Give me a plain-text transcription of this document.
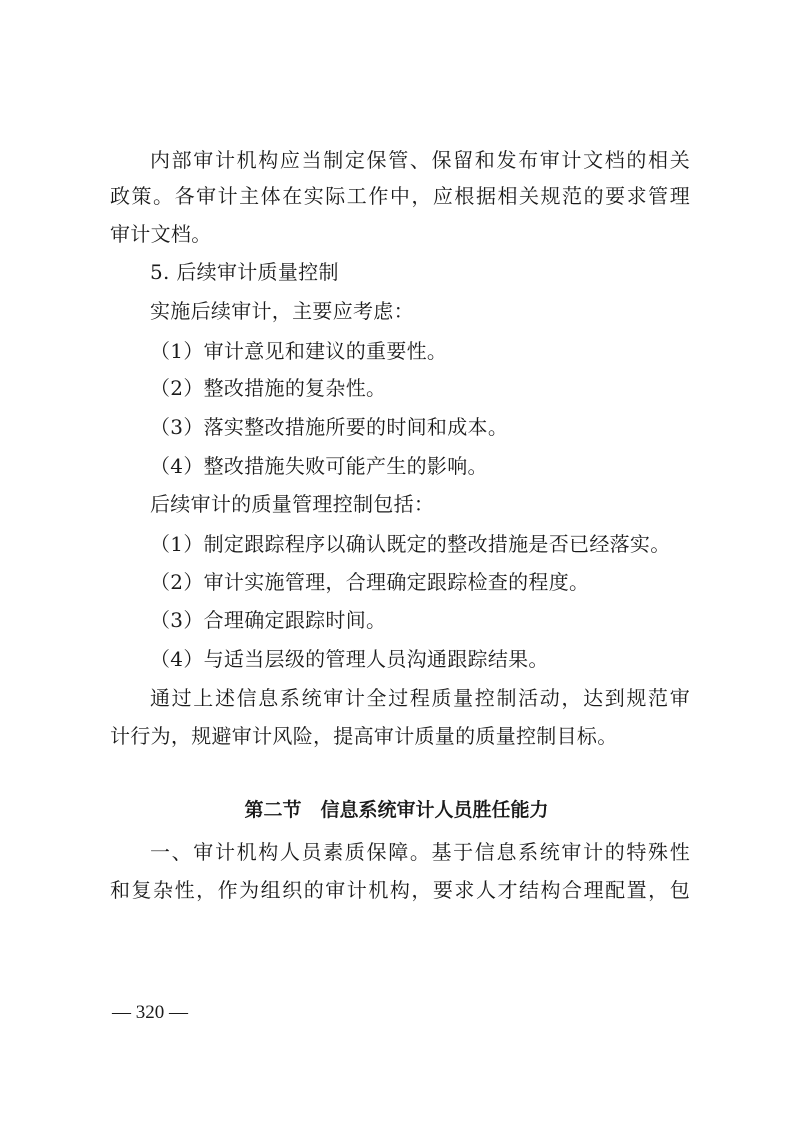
内部审计机构应当制定保管、保留和发布审计文档的相关
政策。各审计主体在实际工作中，应根据相关规范的要求管理
审计文档。
5. 后续审计质量控制
实施后续审计，主要应考虑：
（1）审计意见和建议的重要性。
（2）整改措施的复杂性。
（3）落实整改措施所要的时间和成本。
（4）整改措施失败可能产生的影响。
后续审计的质量管理控制包括：
（1）制定跟踪程序以确认既定的整改措施是否已经落实。
（2）审计实施管理，合理确定跟踪检查的程度。
（3）合理确定跟踪时间。
（4）与适当层级的管理人员沟通跟踪结果。
通过上述信息系统审计全过程质量控制活动，达到规范审
计行为，规避审计风险，提高审计质量的质量控制目标。
第二节　信息系统审计人员胜任能力
一、审计机构人员素质保障。基于信息系统审计的特殊性
和复杂性，作为组织的审计机构，要求人才结构合理配置，包
— 320 —
